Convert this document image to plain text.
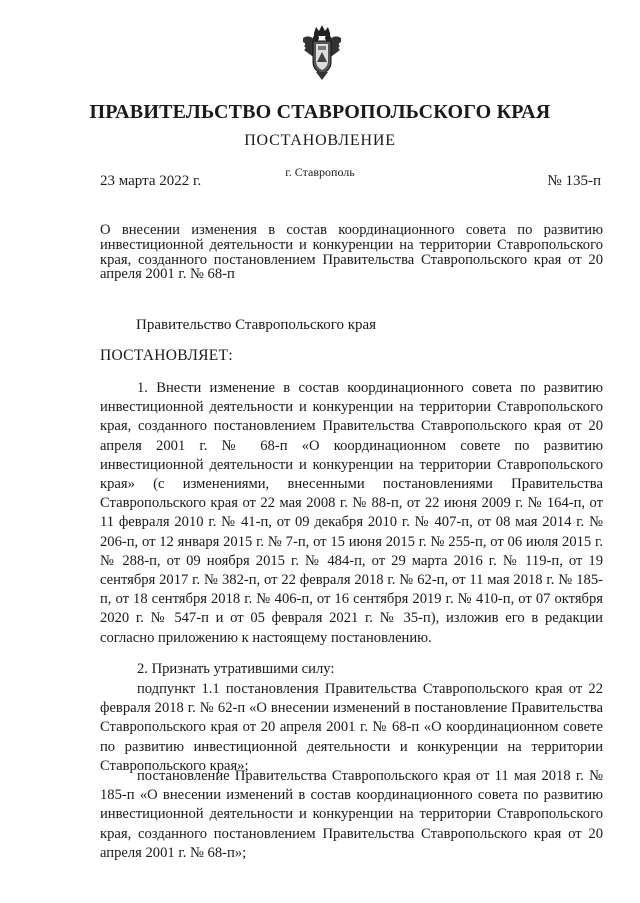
ПРАВИТЕЛЬСТВО СТАВРОПОЛЬСКОГО КРАЯ
ПОСТАНОВЛЕНИЕ
23 марта 2022 г.
г. Ставрополь
№ 135-п
О внесении изменения в состав координационного совета по развитию инвестиционной деятельности и конкуренции на территории Ставропольского края, созданного постановлением Правительства Ставропольского края от 20 апреля 2001 г. № 68-п
Правительство Ставропольского края
ПОСТАНОВЛЯЕТ:

1. Внести изменение в состав координационного совета по развитию инвестиционной деятельности и конкуренции на территории Ставропольского края, созданного постановлением Правительства Ставропольского края от 20 апреля 2001 г. № 68-п «О координационном совете по развитию инвестиционной деятельности и конкуренции на территории Ставропольского края» (с изменениями, внесенными постановлениями Правительства Ставропольского края от 22 мая 2008 г. № 88-п, от 22 июня 2009 г. № 164-п, от 11 февраля 2010 г. № 41-п, от 09 декабря 2010 г. № 407-п, от 08 мая 2014 г. № 206-п, от 12 января 2015 г. № 7-п, от 15 июня 2015 г. № 255-п, от 06 июля 2015 г. № 288-п, от 09 ноября 2015 г. № 484-п, от 29 марта 2016 г. № 119-п, от 19 сентября 2017 г. № 382-п, от 22 февраля 2018 г. № 62-п, от 11 мая 2018 г. № 185-п, от 18 сентября 2018 г. № 406-п, от 16 сентября 2019 г. № 410-п, от 07 октября 2020 г. № 547-п и от 05 февраля 2021 г. № 35-п), изложив его в редакции согласно приложению к настоящему постановлению.

2. Признать утратившими силу:

подпункт 1.1 постановления Правительства Ставропольского края от 22 февраля 2018 г. № 62-п «О внесении изменений в постановление Правительства Ставропольского края от 20 апреля 2001 г. № 68-п «О координационном совете по развитию инвестиционной деятельности и конкуренции на территории Ставропольского края»;

постановление Правительства Ставропольского края от 11 мая 2018 г. № 185-п «О внесении изменений в состав координационного совета по развитию инвестиционной деятельности и конкуренции на территории Ставропольского края, созданного постановлением Правительства Ставропольского края от 20 апреля 2001 г. № 68-п»;
